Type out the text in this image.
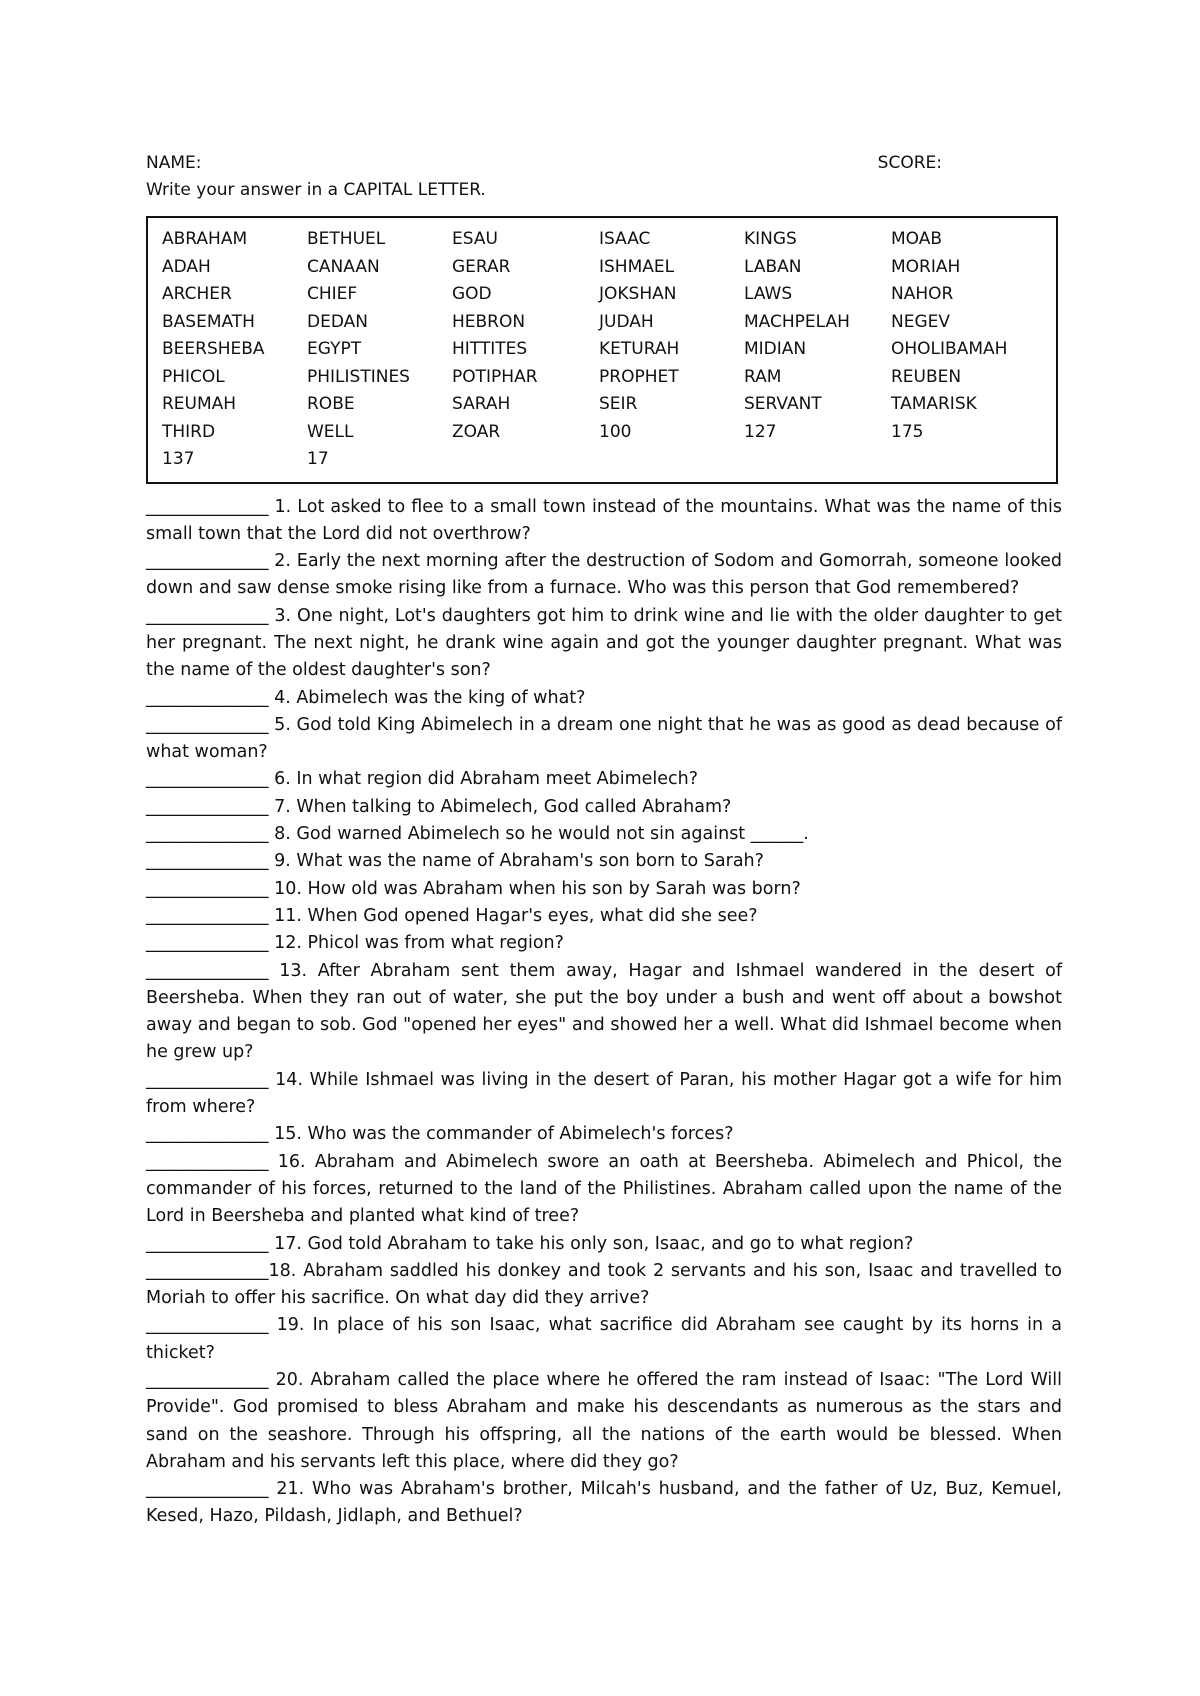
NAME:	SCORE:
Write your answer in a CAPITAL LETTER.
ABRAHAM	BETHUEL	ESAU	ISAAC	KINGS	MOAB
ADAH	CANAAN	GERAR	ISHMAEL	LABAN	MORIAH
ARCHER	CHIEF	GOD	JOKSHAN	LAWS	NAHOR
BASEMATH	DEDAN	HEBRON	JUDAH	MACHPELAH	NEGEV
BEERSHEBA	EGYPT	HITTITES	KETURAH	MIDIAN	OHOLIBAMAH
PHICOL	PHILISTINES	POTIPHAR	PROPHET	RAM	REUBEN
REUMAH	ROBE	SARAH	SEIR	SERVANT	TAMARISK
THIRD	WELL	ZOAR	100	127	175
137	17

______________ 1. Lot asked to flee to a small town instead of the mountains. What was the name of this small town that the Lord did not overthrow?

______________ 2. Early the next morning after the destruction of Sodom and Gomorrah, someone looked down and saw dense smoke rising like from a furnace. Who was this person that God remembered?

______________ 3. One night, Lot's daughters got him to drink wine and lie with the older daughter to get her pregnant. The next night, he drank wine again and got the younger daughter pregnant. What was the name of the oldest daughter's son?

______________ 4. Abimelech was the king of what?

______________ 5. God told King Abimelech in a dream one night that he was as good as dead because of what woman?

______________ 6. In what region did Abraham meet Abimelech?

______________ 7. When talking to Abimelech, God called Abraham?

______________ 8. God warned Abimelech so he would not sin against ______.

______________ 9. What was the name of Abraham's son born to Sarah?

______________ 10. How old was Abraham when his son by Sarah was born?

______________ 11. When God opened Hagar's eyes, what did she see?

______________ 12. Phicol was from what region?

______________ 13. After Abraham sent them away, Hagar and Ishmael wandered in the desert of Beersheba. When they ran out of water, she put the boy under a bush and went off about a bowshot away and began to sob. God "opened her eyes" and showed her a well. What did Ishmael become when he grew up?

______________ 14. While Ishmael was living in the desert of Paran, his mother Hagar got a wife for him from where?

______________ 15. Who was the commander of Abimelech's forces?

______________ 16. Abraham and Abimelech swore an oath at Beersheba. Abimelech and Phicol, the commander of his forces, returned to the land of the Philistines. Abraham called upon the name of the Lord in Beersheba and planted what kind of tree?

______________ 17. God told Abraham to take his only son, Isaac, and go to what region?

______________18. Abraham saddled his donkey and took 2 servants and his son, Isaac and travelled to Moriah to offer his sacrifice. On what day did they arrive?

______________ 19. In place of his son Isaac, what sacrifice did Abraham see caught by its horns in a thicket?

______________ 20. Abraham called the place where he offered the ram instead of Isaac: "The Lord Will Provide". God promised to bless Abraham and make his descendants as numerous as the stars and sand on the seashore. Through his offspring, all the nations of the earth would be blessed. When Abraham and his servants left this place, where did they go?

______________ 21. Who was Abraham's brother, Milcah's husband, and the father of Uz, Buz, Kemuel, Kesed, Hazo, Pildash, Jidlaph, and Bethuel?
